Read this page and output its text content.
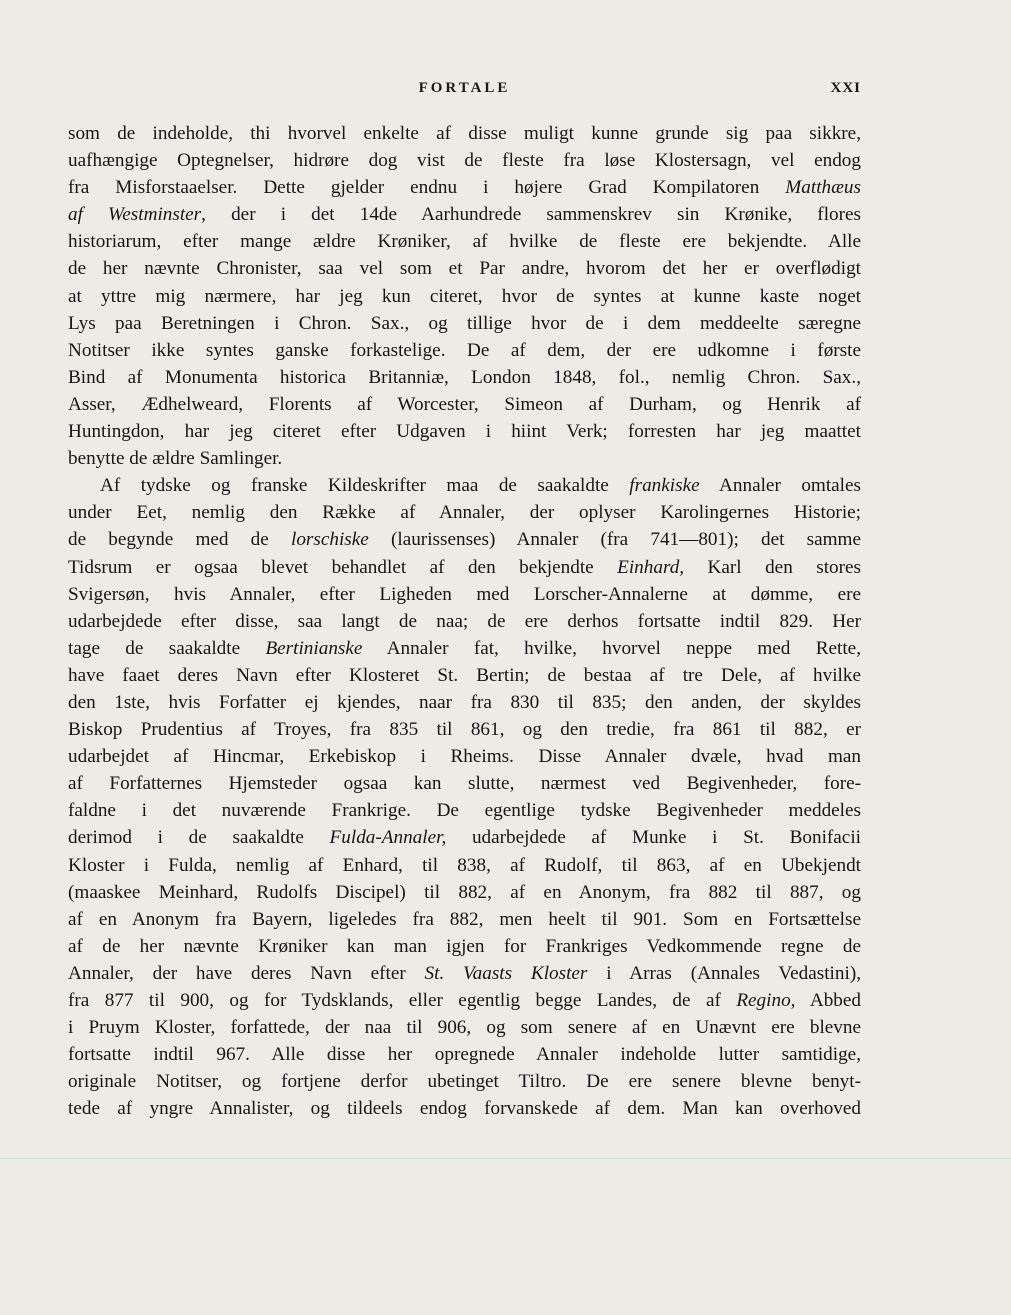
FORTALE	XXI

som de indeholde, thi hvorvel enkelte af disse muligt kunne grunde sig paa sikkre,

uafhængige Optegnelser, hidrøre dog vist de fleste fra løse Klostersagn, vel endog

fra Misforstaaelser. Dette gjelder endnu i højere Grad Kompilatoren Matthæus

af Westminster, der i det 14de Aarhundrede sammenskrev sin Krønike, flores

historiarum, efter mange ældre Krøniker, af hvilke de fleste ere bekjendte. Alle

de her nævnte Chronister, saa vel som et Par andre, hvorom det her er overflødigt

at yttre mig nærmere, har jeg kun citeret, hvor de syntes at kunne kaste noget

Lys paa Beretningen i Chron. Sax., og tillige hvor de i dem meddeelte særegne

Notitser ikke syntes ganske forkastelige. De af dem, der ere udkomne i første

Bind af Monumenta historica Britanniæ, London 1848, fol., nemlig Chron. Sax.,

Asser, Ædhelweard, Florents af Worcester, Simeon af Durham, og Henrik af

Huntingdon, har jeg citeret efter Udgaven i hiint Verk; forresten har jeg maattet

benytte de ældre Samlinger.

Af tydske og franske Kildeskrifter maa de saakaldte frankiske Annaler omtales

under Eet, nemlig den Række af Annaler, der oplyser Karolingernes Historie;

de begynde med de lorschiske (laurissenses) Annaler (fra 741—801); det samme

Tidsrum er ogsaa blevet behandlet af den bekjendte Einhard, Karl den stores

Svigersøn, hvis Annaler, efter Ligheden med Lorscher-Annalerne at dømme, ere

udarbejdede efter disse, saa langt de naa; de ere derhos fortsatte indtil 829. Her

tage de saakaldte Bertinianske Annaler fat, hvilke, hvorvel neppe med Rette,

have faaet deres Navn efter Klosteret St. Bertin; de bestaa af tre Dele, af hvilke

den 1ste, hvis Forfatter ej kjendes, naar fra 830 til 835; den anden, der skyldes

Biskop Prudentius af Troyes, fra 835 til 861, og den tredie, fra 861 til 882, er

udarbejdet af Hincmar, Erkebiskop i Rheims. Disse Annaler dvæle, hvad man

af Forfatternes Hjemsteder ogsaa kan slutte, nærmest ved Begivenheder, fore-

faldne i det nuværende Frankrige. De egentlige tydske Begivenheder meddeles

derimod i de saakaldte Fulda-Annaler, udarbejdede af Munke i St. Bonifacii

Kloster i Fulda, nemlig af Enhard, til 838, af Rudolf, til 863, af en Ubekjendt

(maaskee Meinhard, Rudolfs Discipel) til 882, af en Anonym, fra 882 til 887, og

af en Anonym fra Bayern, ligeledes fra 882, men heelt til 901. Som en Fortsættelse

af de her nævnte Krøniker kan man igjen for Frankriges Vedkommende regne de

Annaler, der have deres Navn efter St. Vaasts Kloster i Arras (Annales Vedastini),

fra 877 til 900, og for Tydsklands, eller egentlig begge Landes, de af Regino, Abbed

i Pruym Kloster, forfattede, der naa til 906, og som senere af en Unævnt ere blevne

fortsatte indtil 967. Alle disse her opregnede Annaler indeholde lutter samtidige,

originale Notitser, og fortjene derfor ubetinget Tiltro. De ere senere blevne benyt-

tede af yngre Annalister, og tildeels endog forvanskede af dem. Man kan overhoved
